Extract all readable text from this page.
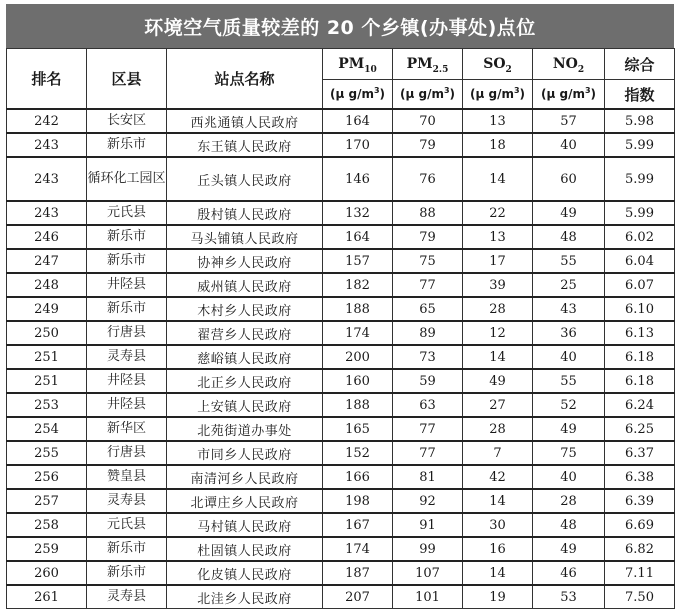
环境空气质量较差的 20 个乡镇(办事处)点位
排名	区县	站点名称	$PM_{10}$	$PM_{2.5}$	$SO_2$	$NO_2$	综合
			(μ $g/m^3$)	(μ $g/m^3$)	(μ $g/m^3$)	(μ $g/m^3$)	指数
242	长安区	西兆通镇人民政府	164	70	13	57	5.98
243	新乐市	东王镇人民政府	170	79	18	40	5.99
243	循环化工园区	丘头镇人民政府	146	76	14	60	5.99
243	元氏县	殷村镇人民政府	132	88	22	49	5.99
246	新乐市	马头铺镇人民政府	164	79	13	48	6.02
247	新乐市	协神乡人民政府	157	75	17	55	6.04
248	井陉县	威州镇人民政府	182	77	39	25	6.07
249	新乐市	木村乡人民政府	188	65	28	43	6.10
250	行唐县	翟营乡人民政府	174	89	12	36	6.13
251	灵寿县	慈峪镇人民政府	200	73	14	40	6.18
251	井陉县	北正乡人民政府	160	59	49	55	6.18
253	井陉县	上安镇人民政府	188	63	27	52	6.24
254	新华区	北苑街道办事处	165	77	28	49	6.25
255	行唐县	市同乡人民政府	152	77	7	75	6.37
256	赞皇县	南清河乡人民政府	166	81	42	40	6.38
257	灵寿县	北谭庄乡人民政府	198	92	14	28	6.39
258	元氏县	马村镇人民政府	167	91	30	48	6.69
259	新乐市	杜固镇人民政府	174	99	16	49	6.82
260	新乐市	化皮镇人民政府	187	107	14	46	7.11
261	灵寿县	北洼乡人民政府	207	101	19	53	7.50
